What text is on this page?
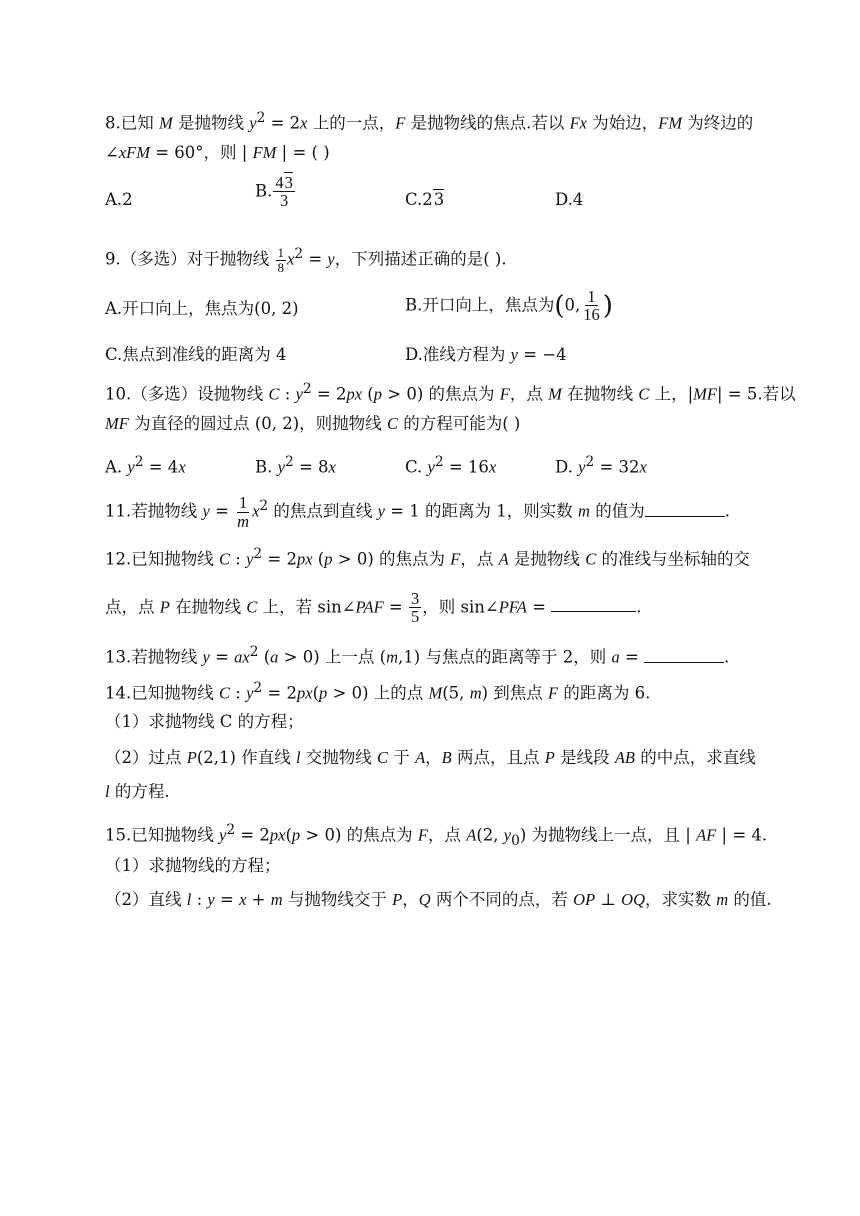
8.已知 M 是抛物线 $y^2 = 2x$ 上的一点，F 是抛物线的焦点.若以 Fx 为始边，FM 为终边的
∠xFM = 60°，则 | FM | = ( )
A.2	B. $\frac{43}{3}$	C.23	D.4
9.（多选）对于抛物线 $\frac{1}{8} x^2 = y$，下列描述正确的是( ).
A.开口向上，焦点为(0, 2)	B.开口向上，焦点为(0, $\frac{1}{16}$ )
C.焦点到准线的距离为 4	D.准线方程为 y = −4
10.（多选）设抛物线 C : $y^2 = 2px$ (p > 0) 的焦点为 F，点 M 在抛物线 C 上，|MF| = 5.若以
MF 为直径的圆过点 (0, 2)，则抛物线 C 的方程可能为( )
A. $y^2 = 4x$	B. $y^2 = 8x$	C. $y^2 = 16x$	D. $y^2 = 32x$
11.若抛物线 $y = \frac{1}{m} x^2$ 的焦点到直线 y = 1 的距离为 1，则实数 m 的值为	.
12.已知抛物线 C : $y^2 = 2px$ (p > 0) 的焦点为 F，点 A 是抛物线 C 的准线与坐标轴的交
点，点 P 在抛物线 C 上，若 sin∠PAF = $\frac{3}{5}$ ，则 sin∠PFA =	.
13.若抛物线 $y = ax^2$ (a > 0) 上一点 (m,1) 与焦点的距离等于 2，则 a =	.
14.已知抛物线 C : $y^2 = 2px(p > 0)$ 上的点 M(5, m) 到焦点 F 的距离为 6.
（1）求抛物线 C 的方程；
（2）过点 P(2,1) 作直线 l 交抛物线 C 于 A，B 两点，且点 P 是线段 AB 的中点，求直线
l 的方程.
15.已知抛物线 $y^2 = 2px(p > 0)$ 的焦点为 F，点 A(2, $y_0$) 为抛物线上一点，且 | AF | = 4.
（1）求抛物线的方程；
（2）直线 l : y = x + m 与抛物线交于 P，Q 两个不同的点，若 OP ⊥ OQ，求实数 m 的值.
